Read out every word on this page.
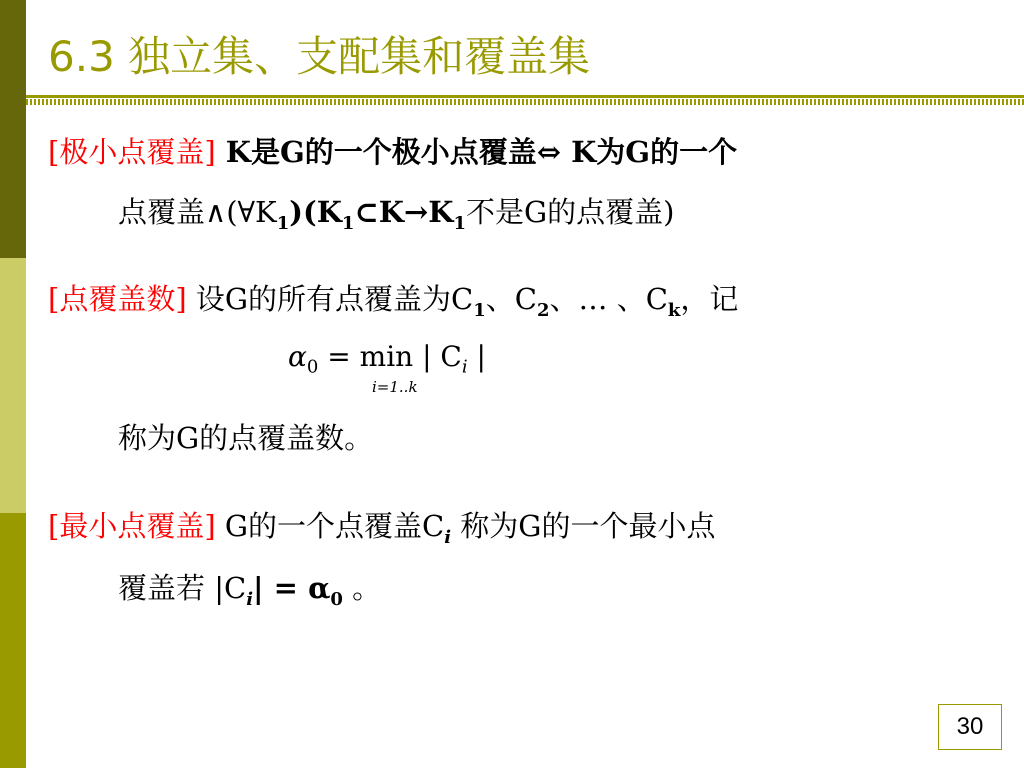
6.3 独立集、支配集和覆盖集
[极小点覆盖] K是G的一个极小点覆盖⇔ K为G的一个
点覆盖$\wedge(\forall K_1)(K_1\subset K\to K_1$不是G的点覆盖)
[点覆盖数] 设G的所有点覆盖为$C_1$、$C_2$、… 、$C_k$，记
$\alpha_0 = \min$ | $C_i$ |
i=1..k
称为G的点覆盖数。
[最小点覆盖] G的一个点覆盖$C_i$ 称为G的一个最小点
覆盖若 $|C_i| = \alpha_0$ 。
30
